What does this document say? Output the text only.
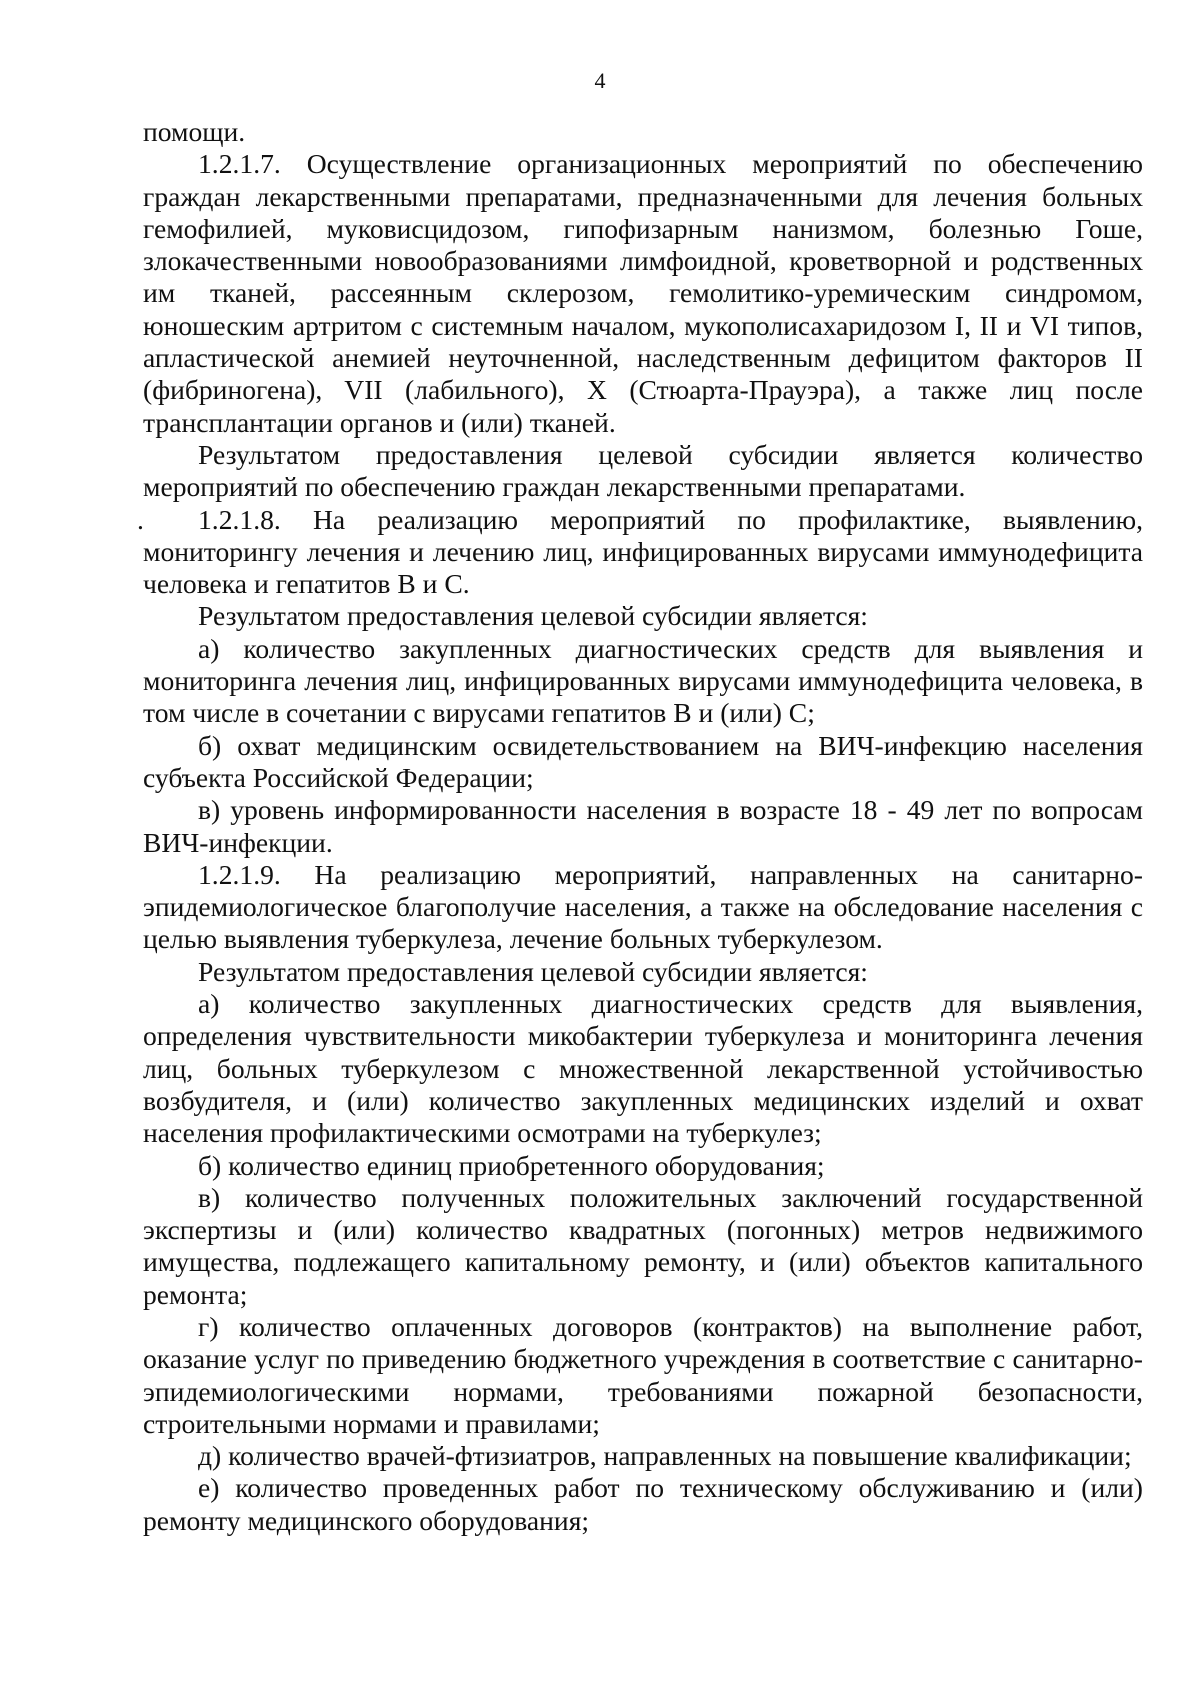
4

помощи.

1.2.1.7. Осуществление организационных мероприятий по обеспечению граждан лекарственными препаратами, предназначенными для лечения больных гемофилией, муковисцидозом, гипофизарным нанизмом, болезнью Гоше, злокачественными новообразованиями лимфоидной, кроветворной и родственных им тканей, рассеянным склерозом, гемолитико-уремическим синдромом, юношеским артритом с системным началом, мукополисахаридозом I, II и VI типов, апластической анемией неуточненной, наследственным дефицитом факторов II (фибриногена), VII (лабильного), X (Стюарта-Прауэра), а также лиц после трансплантации органов и (или) тканей.

Результатом предоставления целевой субсидии является количество мероприятий по обеспечению граждан лекарственными препаратами.

. 1.2.1.8. На реализацию мероприятий по профилактике, выявлению, мониторингу лечения и лечению лиц, инфицированных вирусами иммунодефицита человека и гепатитов B и C.

Результатом предоставления целевой субсидии является:

а) количество закупленных диагностических средств для выявления и мониторинга лечения лиц, инфицированных вирусами иммунодефицита человека, в том числе в сочетании с вирусами гепатитов B и (или) C;

б) охват медицинским освидетельствованием на ВИЧ-инфекцию населения субъекта Российской Федерации;

в) уровень информированности населения в возрасте 18 - 49 лет по вопросам ВИЧ-инфекции.

1.2.1.9. На реализацию мероприятий, направленных на санитарно-эпидемиологическое благополучие населения, а также на обследование населения с целью выявления туберкулеза, лечение больных туберкулезом.

Результатом предоставления целевой субсидии является:

а) количество закупленных диагностических средств для выявления, определения чувствительности микобактерии туберкулеза и мониторинга лечения лиц, больных туберкулезом с множественной лекарственной устойчивостью возбудителя, и (или) количество закупленных медицинских изделий и охват населения профилактическими осмотрами на туберкулез;

б) количество единиц приобретенного оборудования;

в) количество полученных положительных заключений государственной экспертизы и (или) количество квадратных (погонных) метров недвижимого имущества, подлежащего капитальному ремонту, и (или) объектов капитального ремонта;

г) количество оплаченных договоров (контрактов) на выполнение работ, оказание услуг по приведению бюджетного учреждения в соответствие с санитарно-эпидемиологическими нормами, требованиями пожарной безопасности, строительными нормами и правилами;

д) количество врачей-фтизиатров, направленных на повышение квалификации;

е) количество проведенных работ по техническому обслуживанию и (или) ремонту медицинского оборудования;
